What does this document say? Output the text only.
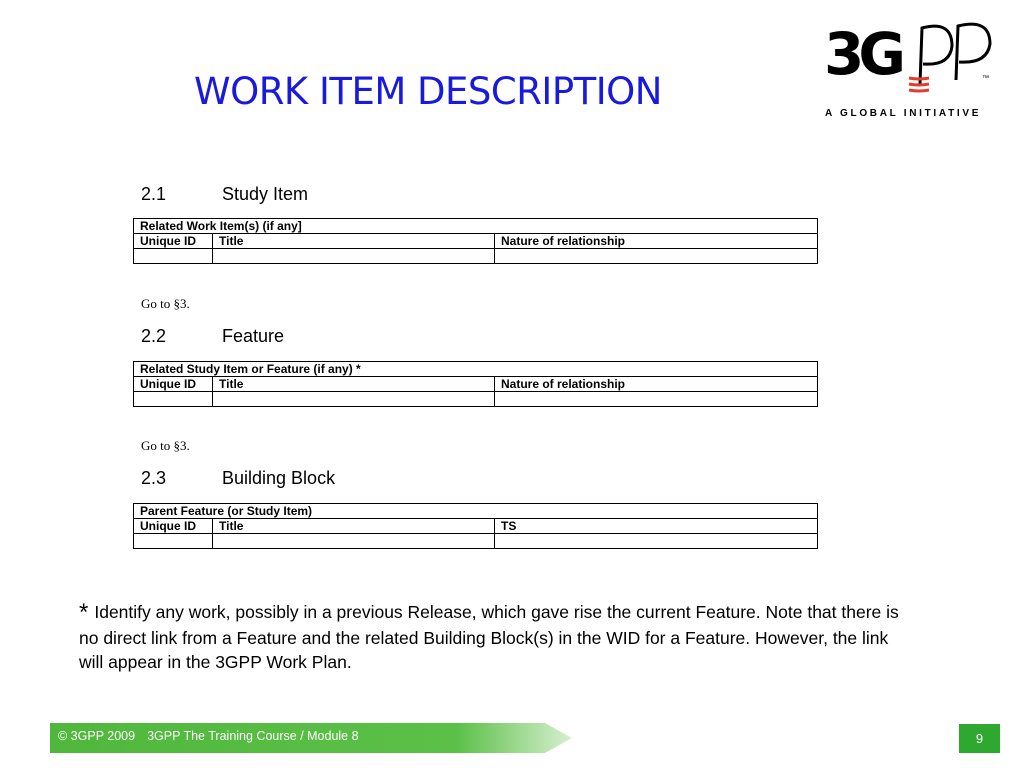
WORK ITEM DESCRIPTION
3G	™
A GLOBAL INITIATIVE
2.1	Study Item
Related Work Item(s) (if any]		
Unique ID	Title	Nature of relationship

Go to §3.
2.2	Feature
Related Study Item or Feature (if any) *		
Unique ID	Title	Nature of relationship

Go to §3.
2.3	Building Block
Parent Feature (or Study Item)		
Unique ID	Title	TS

* Identify any work, possibly in a previous Release, which gave rise the current Feature. Note that there is no direct link from a Feature and the related Building Block(s) in the WID for a Feature. However, the link will appear in the 3GPP Work Plan.
© 3GPP 2009 3GPP The Training Course / Module 8	9
